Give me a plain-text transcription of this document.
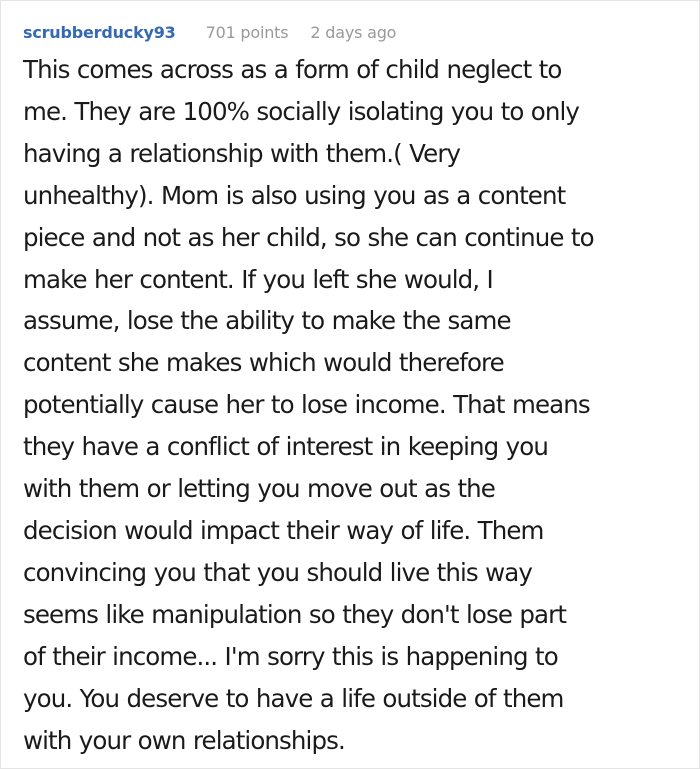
scrubberducky93 701 points 2 days ago

This comes across as a form of child neglect to
me. They are 100% socially isolating you to only
having a relationship with them.( Very
unhealthy). Mom is also using you as a content
piece and not as her child, so she can continue to
make her content. If you left she would, I
assume, lose the ability to make the same
content she makes which would therefore
potentially cause her to lose income. That means
they have a conflict of interest in keeping you
with them or letting you move out as the
decision would impact their way of life. Them
convincing you that you should live this way
seems like manipulation so they don't lose part
of their income... I'm sorry this is happening to
you. You deserve to have a life outside of them
with your own relationships.
